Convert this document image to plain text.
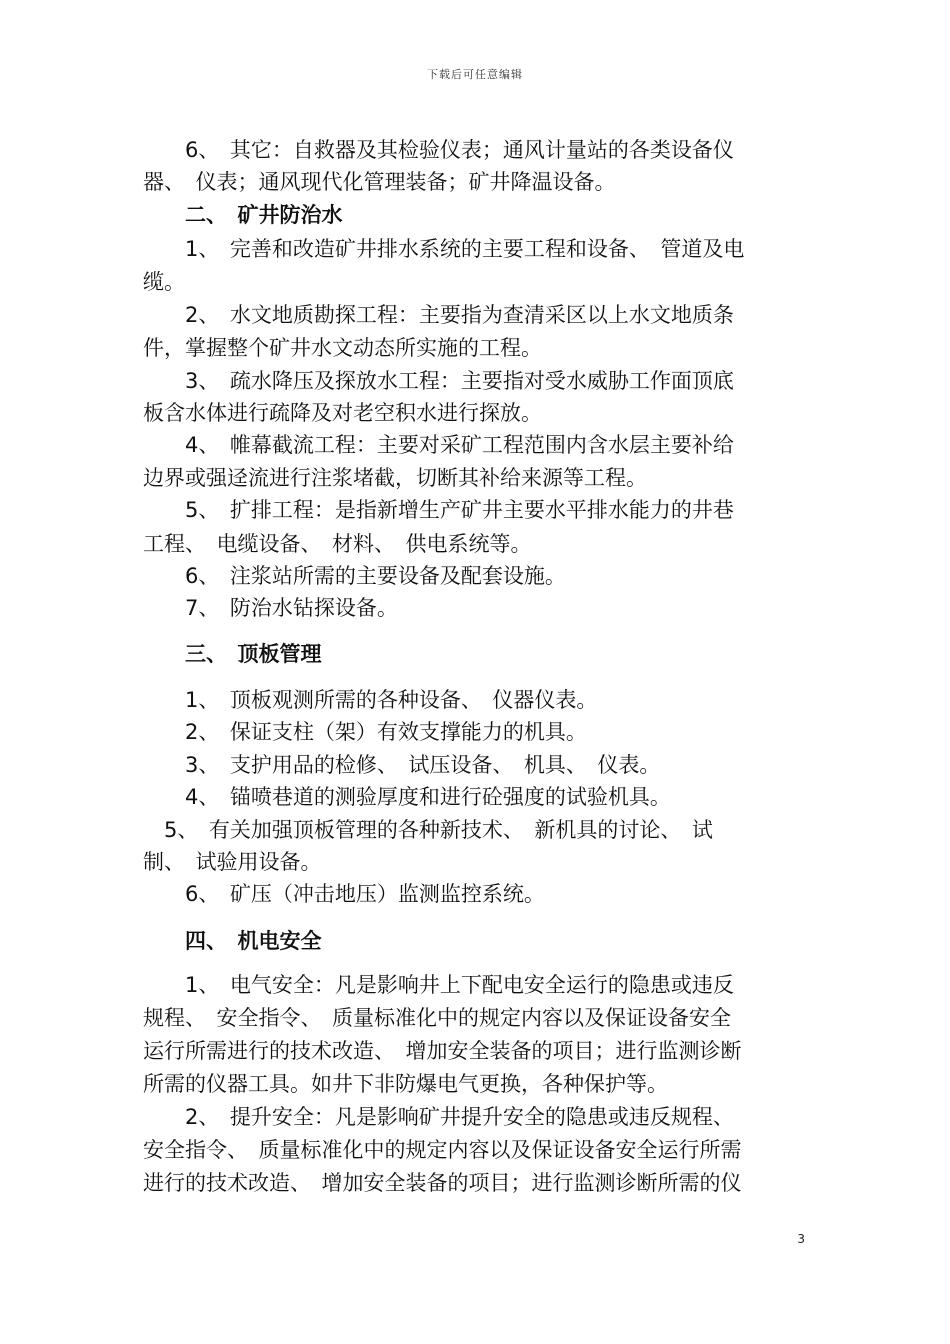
下载后可任意编辑
　　6、　其它：自救器及其检验仪表；通风计量站的各类设备仪
器、　仪表；通风现代化管理装备；矿井降温设备。
　　二、　矿井防治水
　　1、　完善和改造矿井排水系统的主要工程和设备、　管道及电
缆。
　　2、　水文地质勘探工程：主要指为查清采区以上水文地质条
件，掌握整个矿井水文动态所实施的工程。
　　3、　疏水降压及探放水工程：主要指对受水威胁工作面顶底
板含水体进行疏降及对老空积水进行探放。
　　4、　帷幕截流工程：主要对采矿工程范围内含水层主要补给
边界或强迳流进行注浆堵截，切断其补给来源等工程。
　　5、　扩排工程：是指新增生产矿井主要水平排水能力的井巷
工程、　电缆设备、　材料、　供电系统等。
　　6、　注浆站所需的主要设备及配套设施。
　　7、　防治水钻探设备。
　　三、　顶板管理
　　1、　顶板观测所需的各种设备、　仪器仪表。
　　2、　保证支柱（架）有效支撑能力的机具。
　　3、　支护用品的检修、　试压设备、　机具、　仪表。
　　4、　锚喷巷道的测验厚度和进行砼强度的试验机具。
　5、　有关加强顶板管理的各种新技术、　新机具的讨论、　试
制、　试验用设备。
　　6、　矿压（冲击地压）监测监控系统。
　　四、　机电安全
　　1、　电气安全：凡是影响井上下配电安全运行的隐患或违反
规程、　安全指令、　质量标准化中的规定内容以及保证设备安全
运行所需进行的技术改造、　增加安全装备的项目；进行监测诊断
所需的仪器工具。如井下非防爆电气更换，各种保护等。
　　2、　提升安全：凡是影响矿井提升安全的隐患或违反规程、
安全指令、　质量标准化中的规定内容以及保证设备安全运行所需
进行的技术改造、　增加安全装备的项目；进行监测诊断所需的仪
3
